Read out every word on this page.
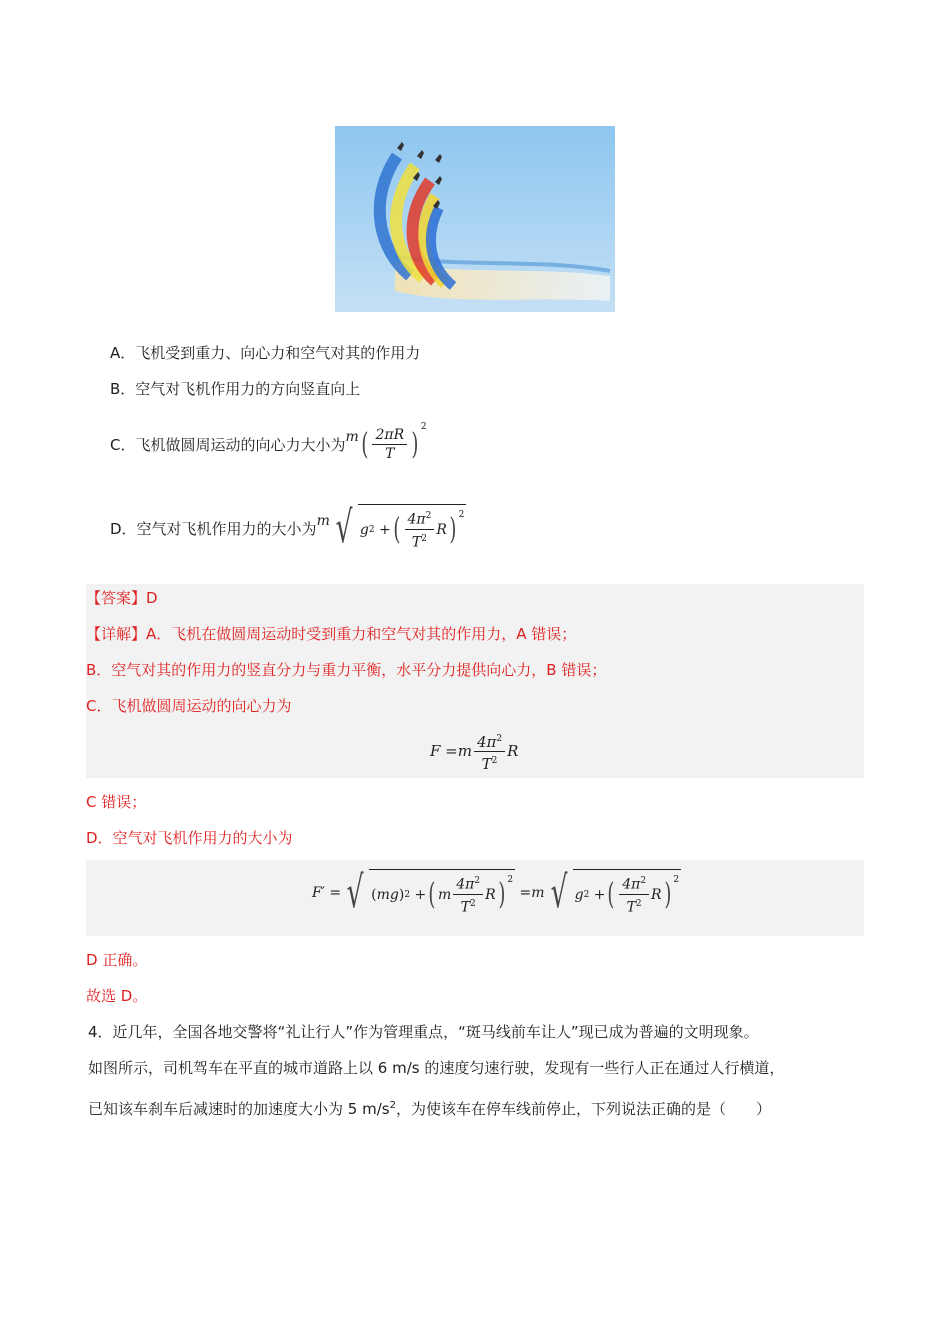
A．飞机受到重力、向心力和空气对其的作用力
B．空气对飞机作用力的方向竖直向上
C．飞机做圆周运动的向心力大小为 m ( $\frac{2\pi R}{T}$ ) 2
D．空气对飞机作用力的大小为 m √ g 2 + ( $\frac{4\pi^2}{T^2}$ R ) 2
【答案】D
【详解】A．飞机在做圆周运动时受到重力和空气对其的作用力，A 错误；
B．空气对其的作用力的竖直分力与重力平衡，水平分力提供向心力，B 错误；
C．飞机做圆周运动的向心力为
$F =m \frac{4\pi^2}{T^2}$ R
C 错误；
D．空气对飞机作用力的大小为
F′ = √ ( mg ) 2 + ( m $\frac{4\pi^2}{T^2}$ R ) 2
=m √ g 2 + ( $\frac{4\pi^2}{T^2}$ R ) 2
D 正确。
故选 D。
4．近几年，全国各地交警将“礼让行人”作为管理重点，“斑马线前车让人”现已成为普遍的文明现象。
如图所示，司机驾车在平直的城市道路上以 6 m/s 的速度匀速行驶，发现有一些行人正在通过人行横道，
已知该车刹车后减速时的加速度大小为 5 $m/s^2$，为使该车在停车线前停止，下列说法正确的是（　　）
